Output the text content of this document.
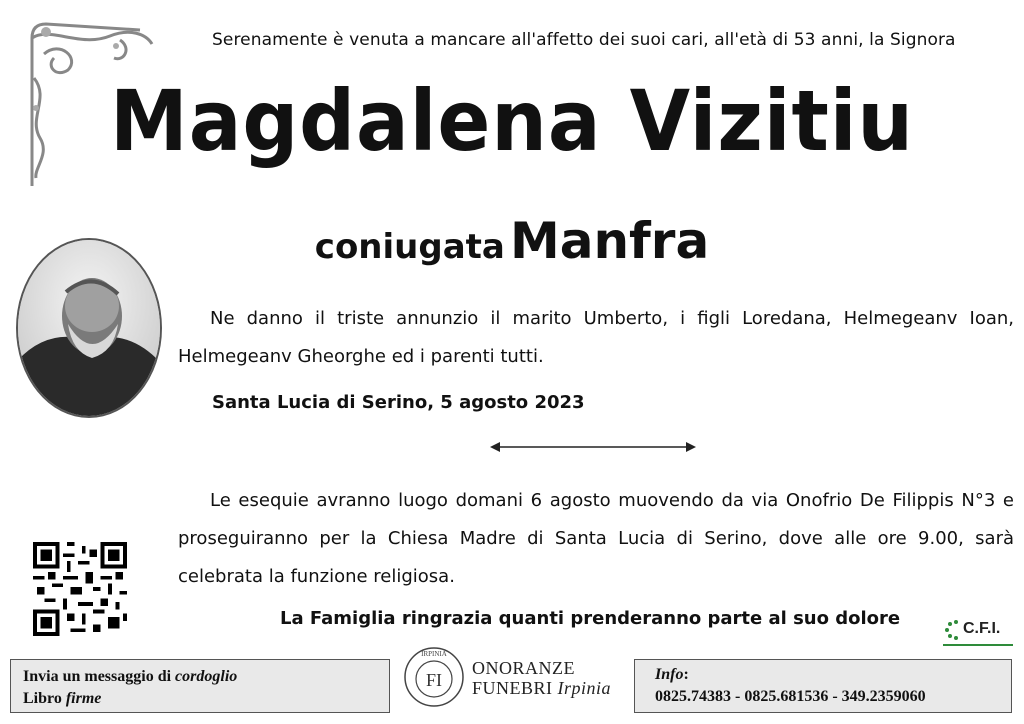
Serenamente è venuta a mancare all'affetto dei suoi cari, all'età di 53 anni, la Signora
Magdalena Vizitiu
coniugata Manfra
Ne danno il triste annunzio il marito Umberto, i figli Loredana, Helmegeanv Ioan, Helmegeanv Gheorghe ed i parenti tutti.
Santa Lucia di Serino, 5 agosto 2023
Le esequie avranno luogo domani 6 agosto muovendo da via Onofrio De Filippis N°3 e proseguiranno per la Chiesa Madre di Santa Lucia di Serino, dove alle ore 9.00, sarà celebrata la funzione religiosa.
La Famiglia ringrazia quanti prenderanno parte al suo dolore	C.F.I.
Invia un messaggio di cordoglio
Libro firme
IRPINIA
FI
ONORANZE
FUNEBRI Irpinia
Info:
0825.74383 - 0825.681536 - 349.2359060
